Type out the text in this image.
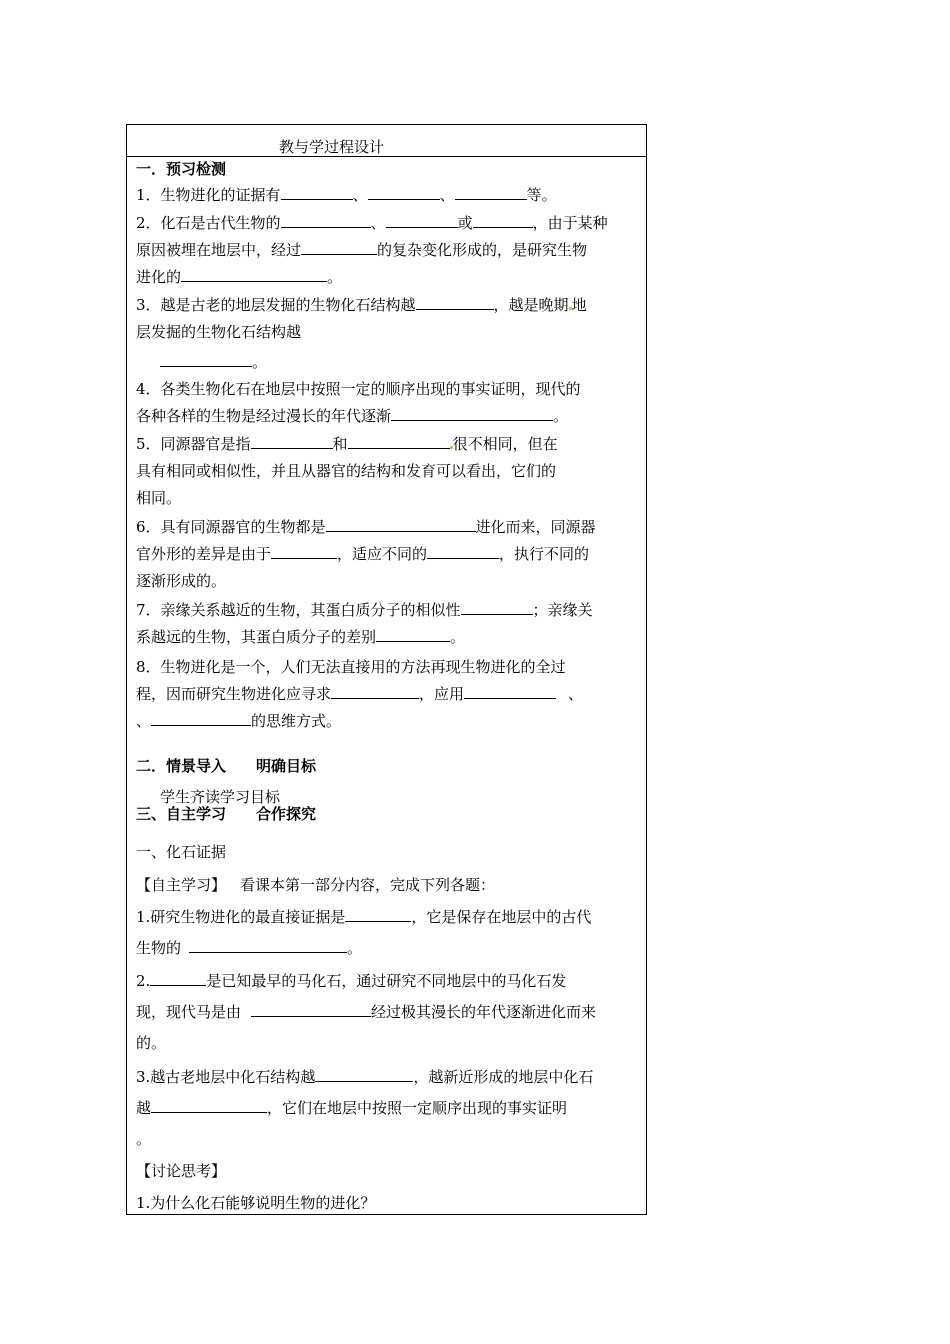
教与学过程设计
一．预习检测
1．生物进化的证据有	、	、	等。
2．化石是古代生物的	、	或	，由于某种
原因被埋在地层中，经过	的复杂变化形成的，是研究生物
进化的	。
3．越是古老的地层发掘的生物化石结构越	，越是晚期 地
层发掘的生物化石结构越
。
4．各类生物化石在地层中按照一定的顺序出现的事实证明，现代的
各种各样的生物是经过漫长的年代逐渐	。
5．同源器官是指	和	很不相同，但在
具有相同或相似性，并且从器官的结构和发育可以看出，它们的
相同。
6．具有同源器官的生物都是	进化而来，同源器
官外形的差异是由于	，适应不同的	，执行不同的
逐渐形成的。
7．亲缘关系越近的生物，其蛋白质分子的相似性	；亲缘关
系越远的生物，其蛋白质分子的差别	。
8．生物进化是一个，人们无法直接用的方法再现生物进化的全过
程，因而研究生物进化应寻求	，应用	、
、	的思维方式。
二．情景导入　　明确目标
学生齐读学习目标
三、自主学习　　合作探究
一、化石证据
【自主学习】 看课本第一部分内容，完成下列各题：
1.研究生物进化的最直接证据是	，它是保存在地层中的古代
生物的	。
2.	是已知最早的马化石，通过研究不同地层中的马化石发
现，现代马是由	经过极其漫长的年代逐渐进化而来
的。
3.越古老地层中化石结构越	，越新近形成的地层中化石
越	，它们在地层中按照一定顺序出现的事实证明
。
【讨论思考】
1.为什么化石能够说明生物的进化？
